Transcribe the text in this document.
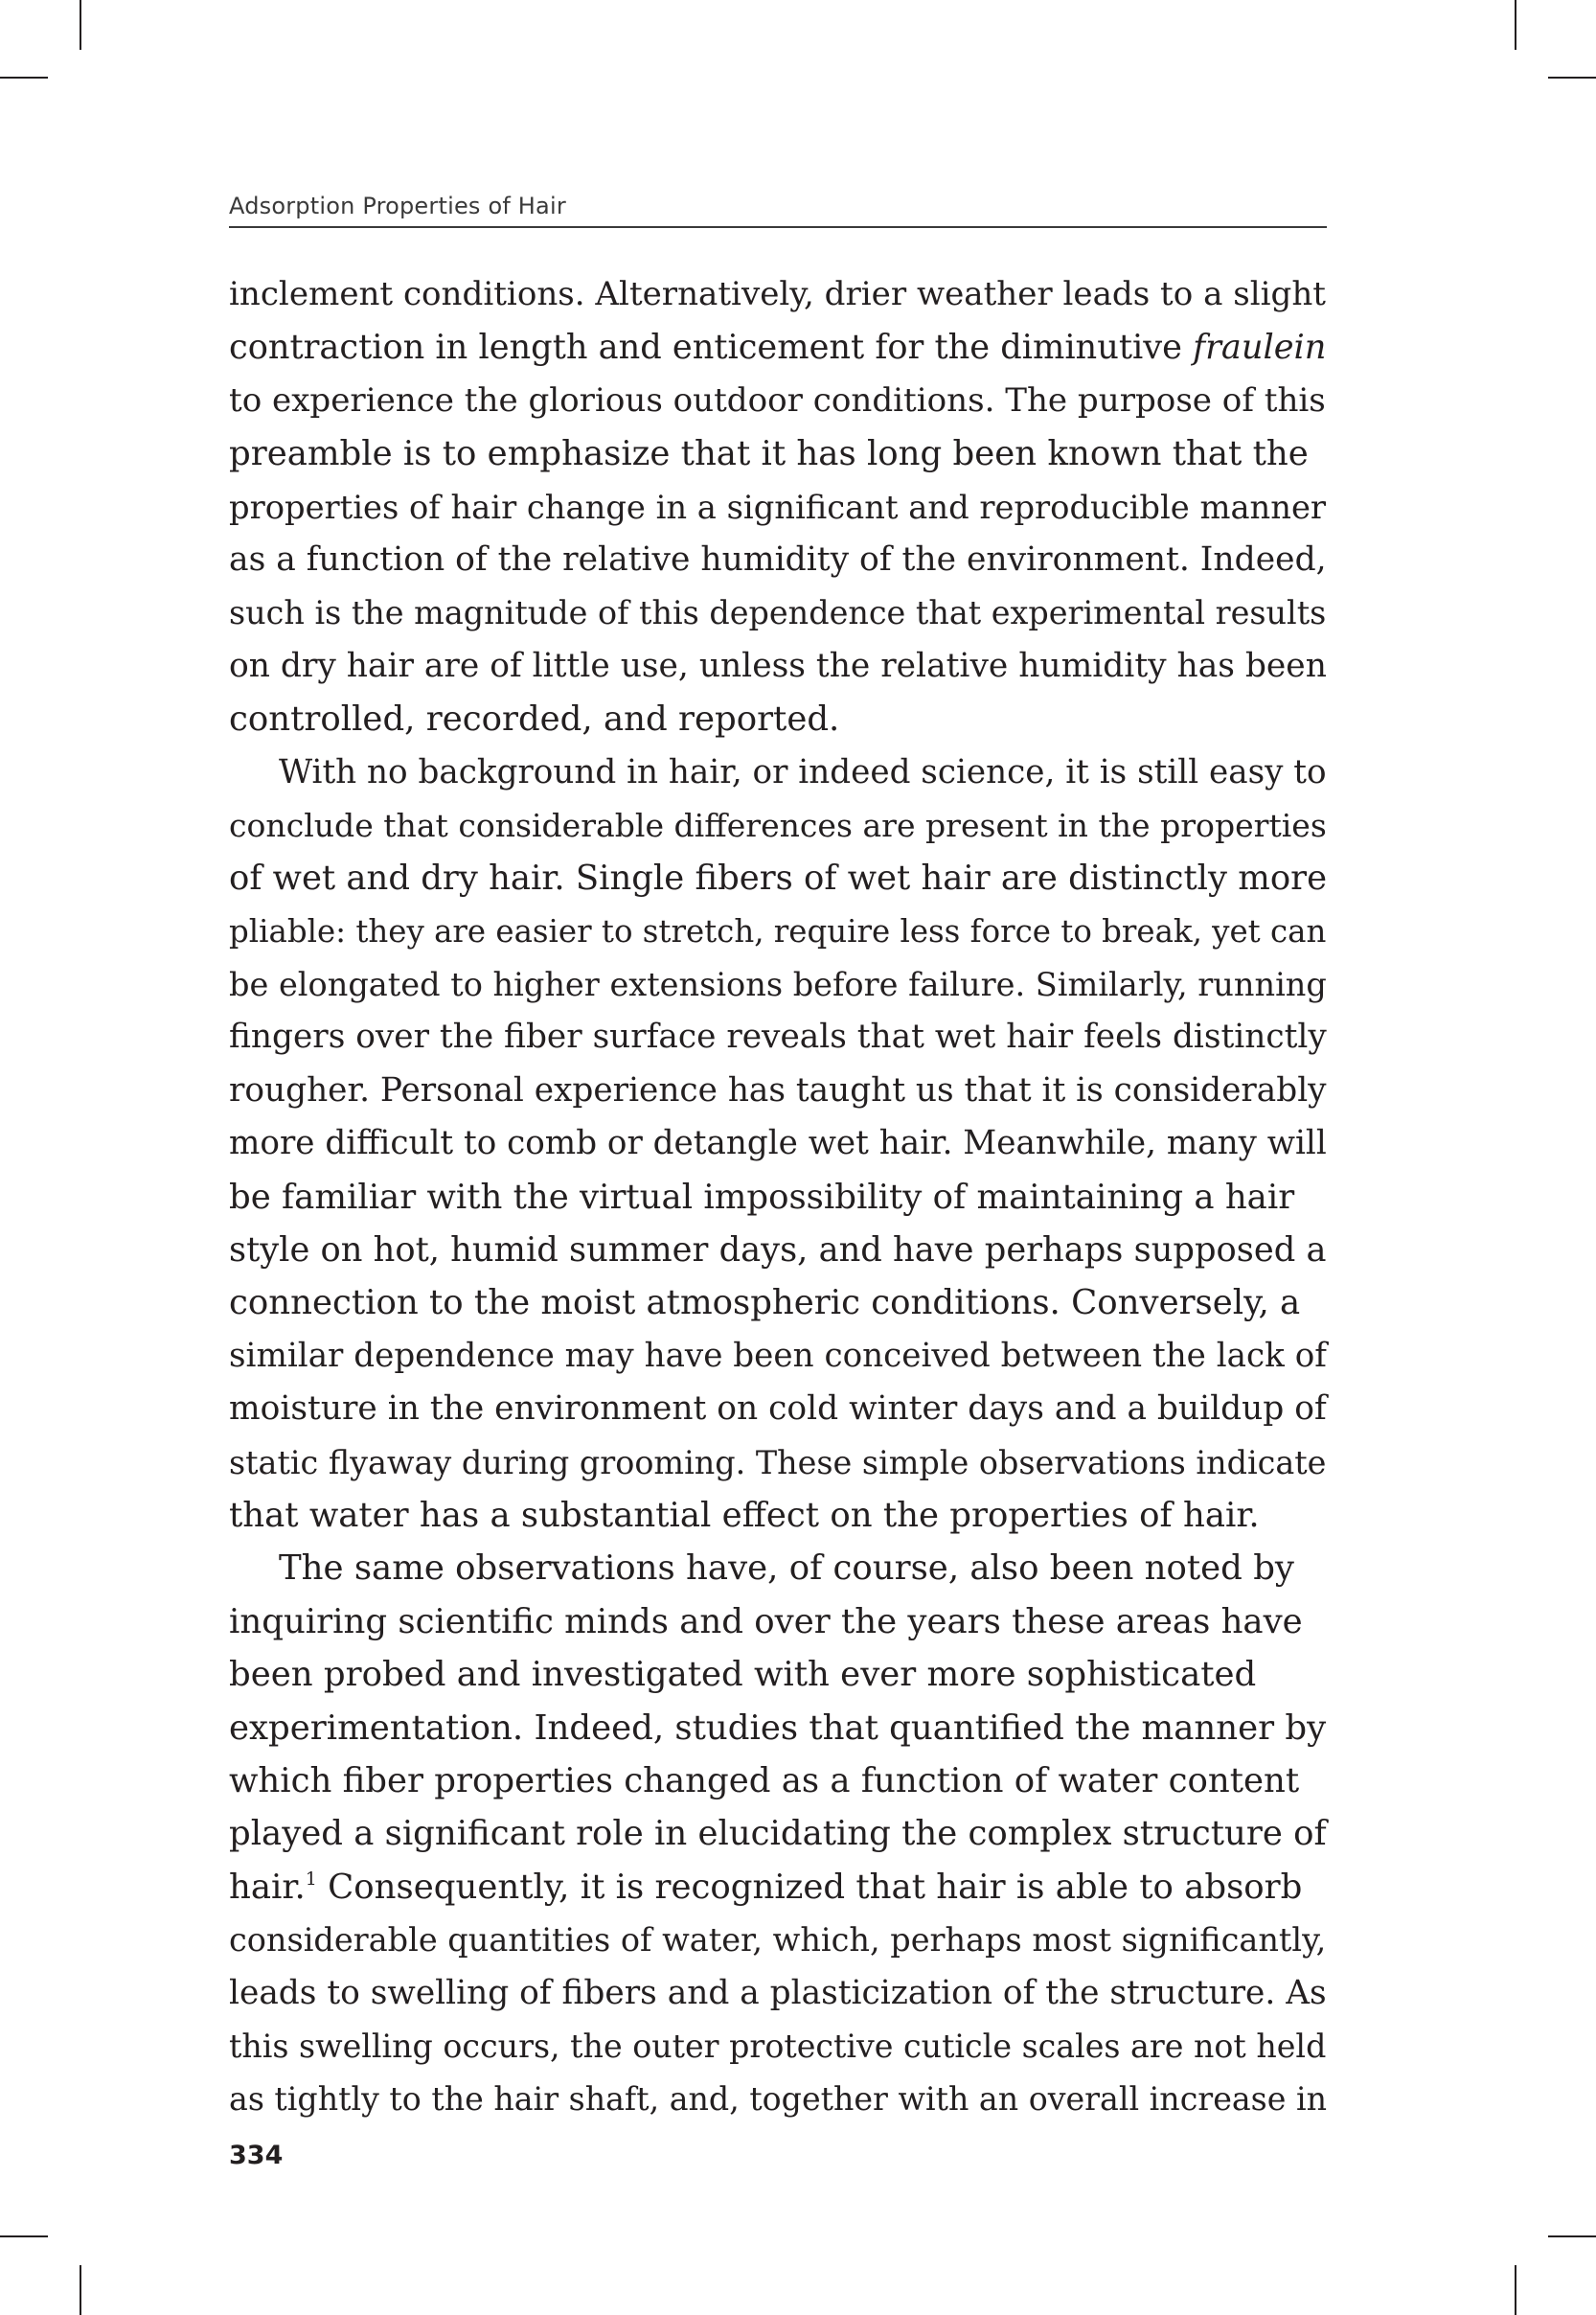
Adsorption Properties of Hair
inclement conditions. Alternatively, drier weather leads to a slight
contraction in length and enticement for the diminutive fraulein
to experience the glorious outdoor conditions. The purpose of this
preamble is to emphasize that it has long been known that the
properties of hair change in a significant and reproducible manner
as a function of the relative humidity of the environment. Indeed,
such is the magnitude of this dependence that experimental results
on dry hair are of little use, unless the relative humidity has been
controlled, recorded, and reported.
With no background in hair, or indeed science, it is still easy to
conclude that considerable differences are present in the properties
of wet and dry hair. Single fibers of wet hair are distinctly more
pliable: they are easier to stretch, require less force to break, yet can
be elongated to higher extensions before failure. Similarly, running
fingers over the fiber surface reveals that wet hair feels distinctly
rougher. Personal experience has taught us that it is considerably
more difficult to comb or detangle wet hair. Meanwhile, many will
be familiar with the virtual impossibility of maintaining a hair
style on hot, humid summer days, and have perhaps supposed a
connection to the moist atmospheric conditions. Conversely, a
similar dependence may have been conceived between the lack of
moisture in the environment on cold winter days and a buildup of
static flyaway during grooming. These simple observations indicate
that water has a substantial effect on the properties of hair.
The same observations have, of course, also been noted by
inquiring scientific minds and over the years these areas have
been probed and investigated with ever more sophisticated
experimentation. Indeed, studies that quantified the manner by
which fiber properties changed as a function of water content
played a significant role in elucidating the complex structure of
hair.$^1$ Consequently, it is recognized that hair is able to absorb
considerable quantities of water, which, perhaps most significantly,
leads to swelling of fibers and a plasticization of the structure. As
this swelling occurs, the outer protective cuticle scales are not held
as tightly to the hair shaft, and, together with an overall increase in
334
